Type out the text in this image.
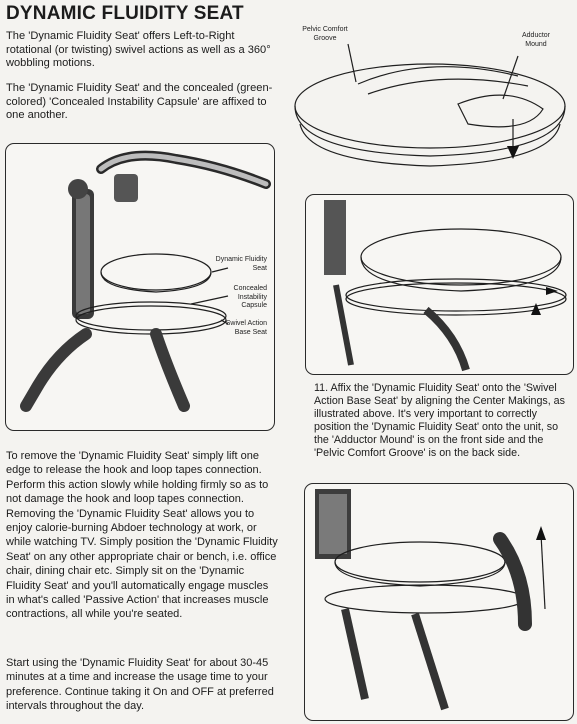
DYNAMIC FLUIDITY SEAT

The 'Dynamic Fluidity Seat' offers Left-to-Right rotational (or twisting) swivel actions as well as a 360° wobbling motions.

The 'Dynamic Fluidity Seat' and the concealed (green-colored) 'Concealed Instability Capsule' are affixed to one another.

Pelvic Comfort Groove	Adductor Mound
Dynamic Fluidity Seat
Concealed Instability Capsule
Swivel Action Base Seat

11. Affix the 'Dynamic Fluidity Seat' onto the 'Swivel Action Base Seat' by aligning the Center Makings, as illustrated above. It's very important to correctly position the 'Dynamic Fluidity Seat' onto the unit, so the 'Adductor Mound' is on the front side and the 'Pelvic Comfort Groove' is on the back side.

To remove the 'Dynamic Fluidity Seat' simply lift one edge to release the hook and loop tapes connection. Perform this action slowly while holding firmly so as to not damage the hook and loop tapes connection. Removing the 'Dynamic Fluidity Seat' allows you to enjoy calorie-burning Abdoer technology at work, or while watching TV. Simply position the 'Dynamic Fluidity Seat' on any other appropriate chair or bench, i.e. office chair, dining chair etc. Simply sit on the 'Dynamic Fluidity Seat' and you'll automatically engage muscles in what's called 'Passive Action' that increases muscle contractions, all while you're seated.

Start using the 'Dynamic Fluidity Seat' for about 30-45 minutes at a time and increase the usage time to your preference. Continue taking it On and OFF at preferred intervals throughout the day.
